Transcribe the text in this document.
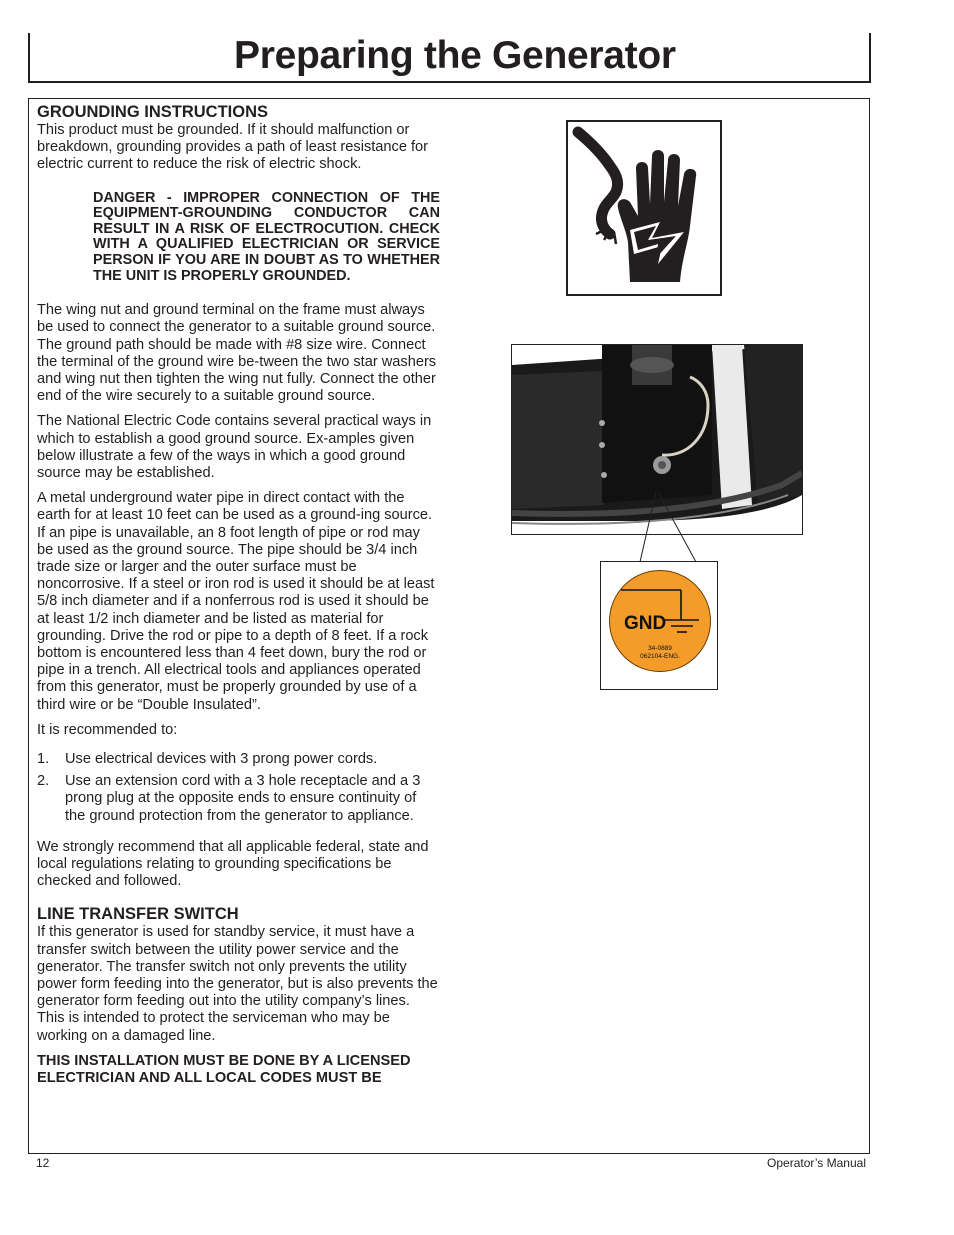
Preparing the Generator
GROUNDING INSTRUCTIONS

This product must be grounded. If it should malfunction or breakdown, grounding provides a path of least resistance for electric current to reduce the risk of electric shock.

DANGER - IMPROPER CONNECTION OF THE EQUIPMENT-GROUNDING CONDUCTOR CAN RESULT IN A RISK OF ELECTROCUTION. CHECK WITH A QUALIFIED ELECTRICIAN OR SERVICE PERSON IF YOU ARE IN DOUBT AS TO WHETHER THE UNIT IS PROPERLY GROUNDED.

The wing nut and ground terminal on the frame must always be used to connect the generator to a suitable ground source. The ground path should be made with #8 size wire. Connect the terminal of the ground wire be-tween the two star washers and wing nut then tighten the wing nut fully. Connect the other end of the wire securely to a suitable ground source.

The National Electric Code contains several practical ways in which to establish a good ground source. Ex-amples given below illustrate a few of the ways in which a good ground source may be established.

A metal underground water pipe in direct contact with the earth for at least 10 feet can be used as a ground-ing source. If an pipe is unavailable, an 8 foot length of pipe or rod may be used as the ground source. The pipe should be 3/4 inch trade size or larger and the outer surface must be noncorrosive. If a steel or iron rod is used it should be at least 5/8 inch diameter and if a nonferrous rod is used it should be at least 1/2 inch diameter and be listed as material for grounding. Drive the rod or pipe to a depth of 8 feet. If a rock bottom is encountered less than 4 feet down, bury the rod or pipe in a trench. All electrical tools and appliances operated from this generator, must be properly grounded by use of a third wire or be “Double Insulated”.

It is recommended to:

1. Use electrical devices with 3 prong power cords.
2. Use an extension cord with a 3 hole receptacle and a 3 prong plug at the opposite ends to ensure continuity of the ground protection from the generator to appliance.

We strongly recommend that all applicable federal, state and local regulations relating to grounding specifications be checked and followed.

LINE TRANSFER SWITCH

If this generator is used for standby service, it must have a transfer switch between the utility power service and the generator. The transfer switch not only prevents the utility power form feeding into the generator, but is also prevents the generator form feeding out into the utility company’s lines. This is intended to protect the serviceman who may be working on a damaged line.

THIS INSTALLATION MUST BE DONE BY A LICENSED ELECTRICIAN AND ALL LOCAL CODES MUST BE

GND
34-0889
062104-ENG.
12	Operator’s Manual
